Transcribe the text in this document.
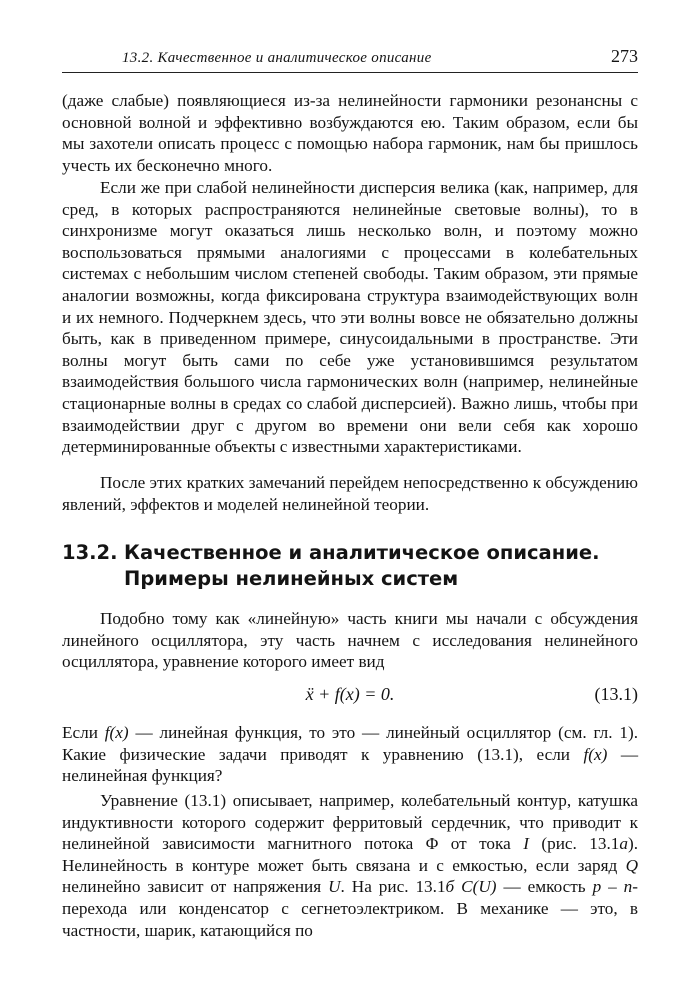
13.2. Качественное и аналитическое описание	273

(даже слабые) появляющиеся из-за нелинейности гармоники резонансны с основной волной и эффективно возбуждаются ею. Таким образом, если бы мы захотели описать процесс с помощью набора гармоник, нам бы пришлось учесть их бесконечно много.

Если же при слабой нелинейности дисперсия велика (как, например, для сред, в которых распространяются нелинейные световые волны), то в синхронизме могут оказаться лишь несколько волн, и поэтому можно воспользоваться прямыми аналогиями с процессами в колебательных системах с небольшим числом степеней свободы. Таким образом, эти прямые аналогии возможны, когда фиксирована структура взаимодействующих волн и их немного. Подчеркнем здесь, что эти волны вовсе не обязательно должны быть, как в приведенном примере, синусоидальными в пространстве. Эти волны могут быть сами по себе уже установившимся результатом взаимодействия большого числа гармонических волн (например, нелинейные стационарные волны в средах со слабой дисперсией). Важно лишь, чтобы при взаимодействии друг с другом во времени они вели себя как хорошо детерминированные объекты с известными характеристиками.

После этих кратких замечаний перейдем непосредственно к обсуждению явлений, эффектов и моделей нелинейной теории.

13.2. Качественное и аналитическое описание.
Примеры нелинейных систем

Подобно тому как «линейную» часть книги мы начали с обсуждения линейного осциллятора, эту часть начнем с исследования нелинейного осциллятора, уравнение которого имеет вид

ẍ + f(x) = 0.	(13.1)

Если f(x) — линейная функция, то это — линейный осциллятор (см. гл. 1). Какие физические задачи приводят к уравнению (13.1), если f(x) — нелинейная функция?

Уравнение (13.1) описывает, например, колебательный контур, катушка индуктивности которого содержит ферритовый сердечник, что приводит к нелинейной зависимости магнитного потока Φ от тока I (рис. 13.1а). Нелинейность в контуре может быть связана и с емкостью, если заряд Q нелинейно зависит от напряжения U. На рис. 13.1б C(U) — емкость p – n-перехода или конденсатор с сегнетоэлектриком. В механике — это, в частности, шарик, катающийся по
